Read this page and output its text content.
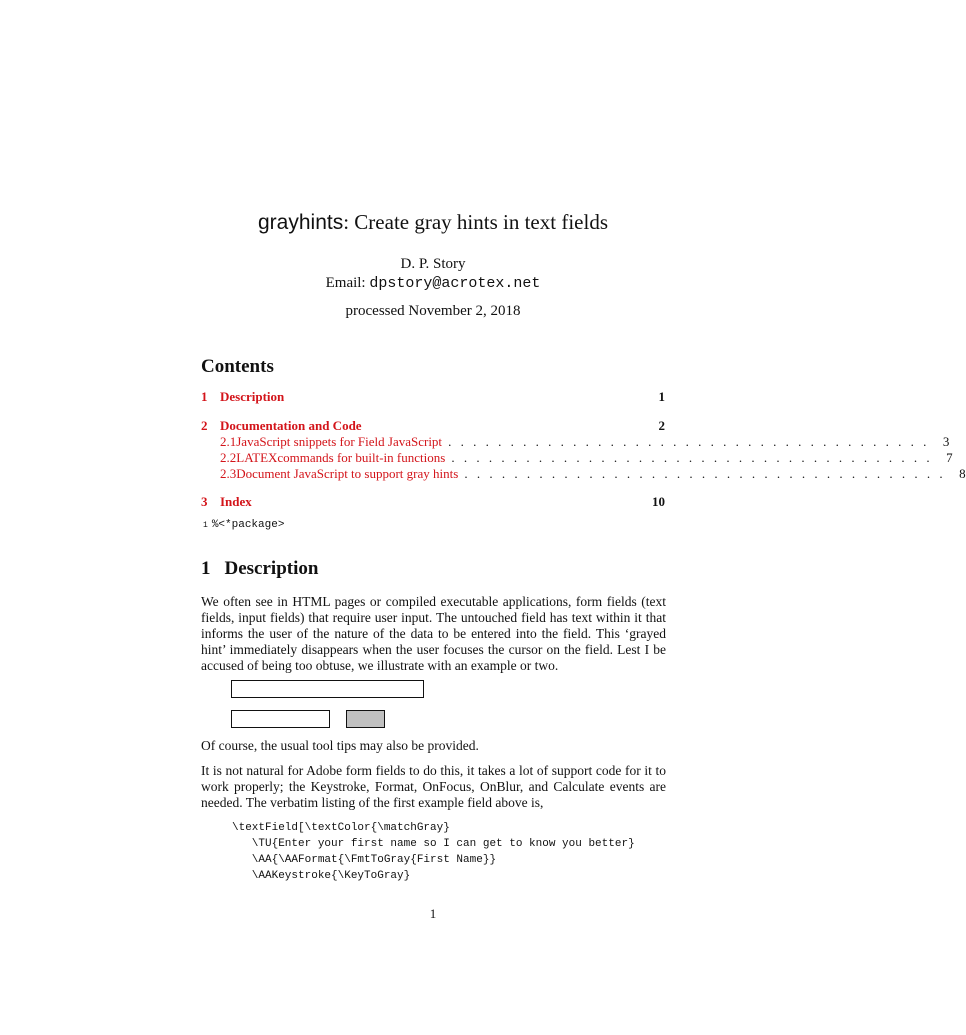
grayhints: Create gray hints in text fields
D. P. Story
Email: dpstory@acrotex.net
processed November 2, 2018
Contents
1 Description	1
2 Documentation and Code	2
2.1 JavaScript snippets for Field JavaScript . . . . . . . . . . . . . . . . . . . . . . . . . . . . . . . . . . . . . . .	3
2.2 LATEXcommands for built-in functions . . . . . . . . . . . . . . . . . . . . . . . . . . . . . . . . . . . . . . .	7
2.3 Document JavaScript to support gray hints . . . . . . . . . . . . . . . . . . . . . . . . . . . . . . . . . . . . . . .	8
3 Index	10
1 %<*package>
1 Description
We often see in HTML pages or compiled executable applications, form fields (text fields, input fields) that require user input. The untouched field has text within it that informs the user of the nature of the data to be entered into the field. This ‘grayed hint’ immediately disappears when the user focuses the cursor on the field. Lest I be accused of being too obtuse, we illustrate with an example or two.
Of course, the usual tool tips may also be provided.
It is not natural for Adobe form fields to do this, it takes a lot of support code for it to work properly; the Keystroke, Format, OnFocus, OnBlur, and Calculate events are needed. The verbatim listing of the first example field above is,
\textField[\textColor{\matchGray}
\TU{Enter your first name so I can get to know you better}
\AA{\AAFormat{\FmtToGray{First Name}}
\AAKeystroke{\KeyToGray}
1
